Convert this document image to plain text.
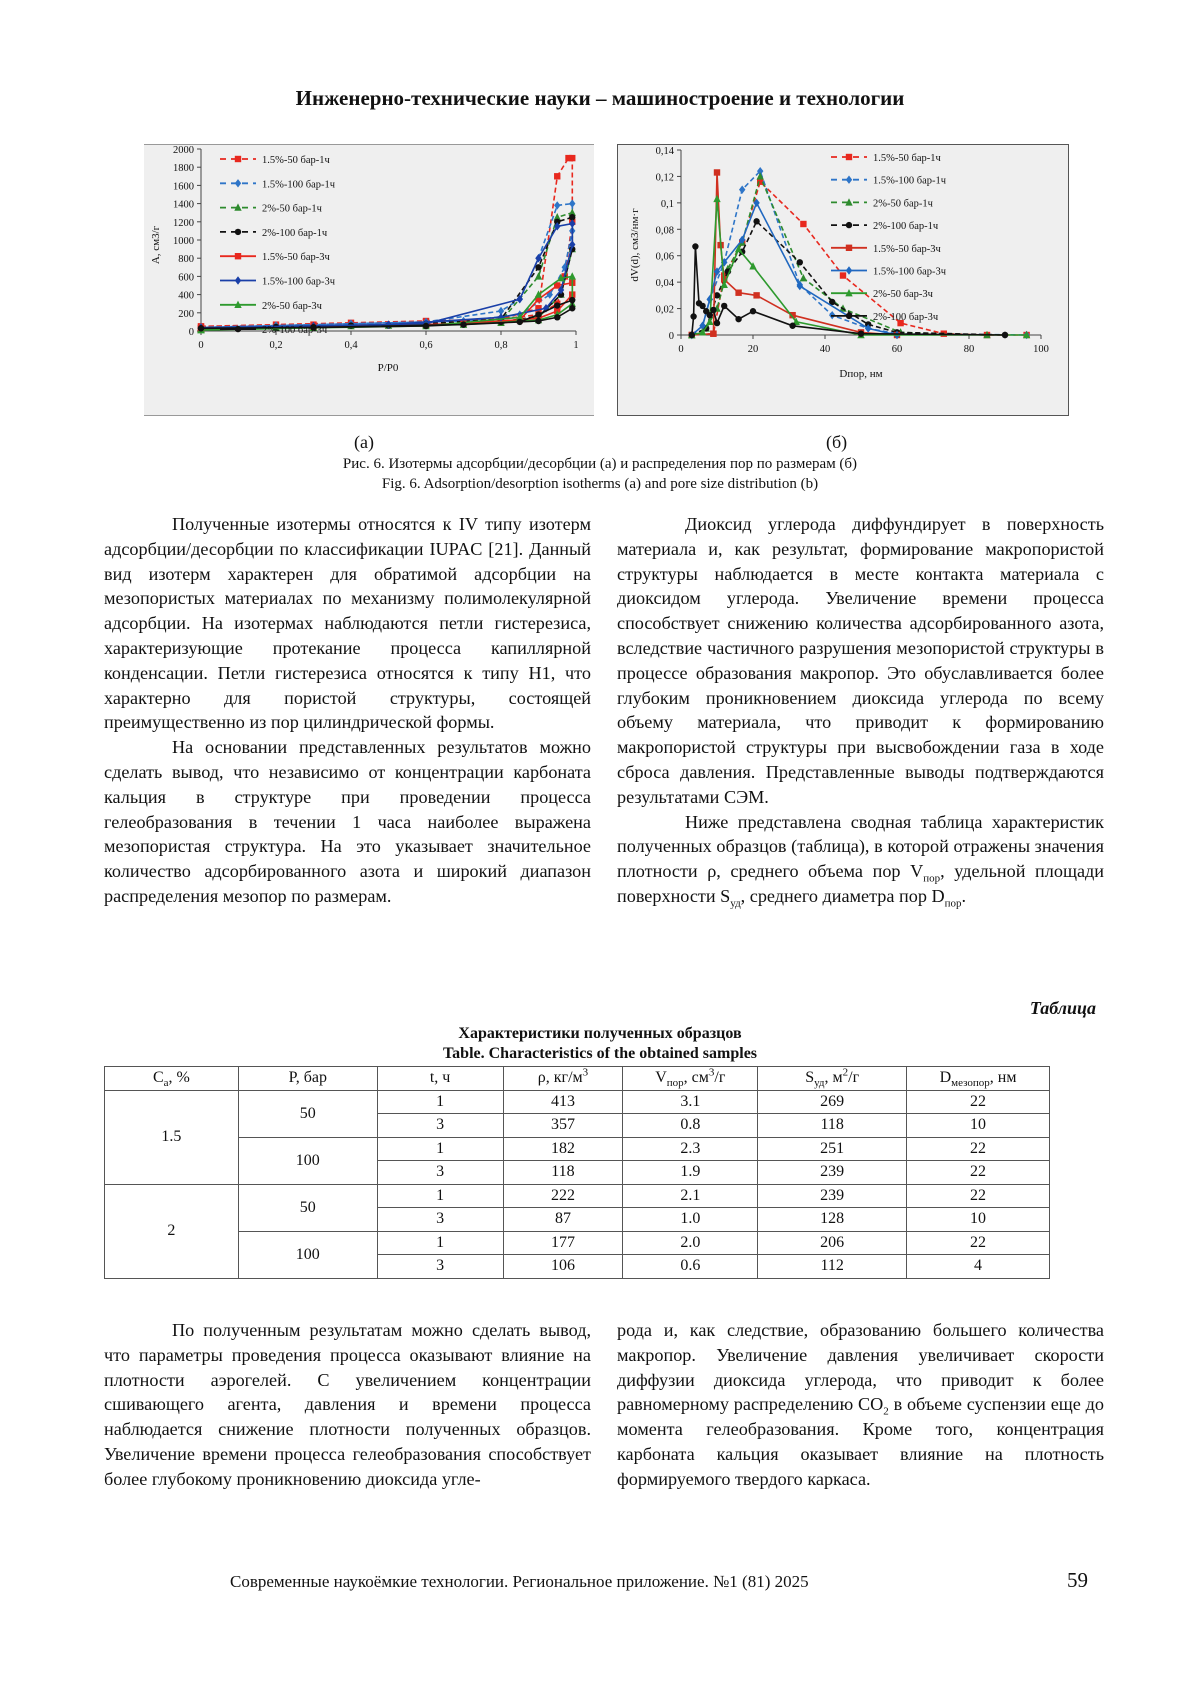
Инженерно-технические науки – машиностроение и технологии
0
200
400
600
800
1000
1200
1400
1600
1800
2000
0	0,2	0,4	0,6	0,8	1
1.5%-50 бар-1ч
1.5%-100 бар-1ч
2%-50 бар-1ч
2%-100 бар-1ч
1.5%-50 бар-3ч
1.5%-100 бар-3ч
2%-50 бар-3ч
2%-100 бар-3ч
A, см3/г
P/P0
0
0,02
0,04
0,06
0,08
0,1
0,12
0,14
0	20	40	60	80	100
1.5%-50 бар-1ч
1.5%-100 бар-1ч
2%-50 бар-1ч
2%-100 бар-1ч
1.5%-50 бар-3ч
1.5%-100 бар-3ч
2%-50 бар-3ч
2%-100 бар-3ч
dV(d), см3/нм·г
Dпор, нм
(а)	(б)
Рис. 6. Изотермы адсорбции/десорбции (а) и распределения пор по размерам (б)
Fig. 6. Adsorption/desorption isotherms (a) and pore size distribution (b)

Полученные изотермы относятся к IV типу изотерм адсорбции/десорбции по классификации IUPAC [21]. Данный вид изотерм характерен для обратимой адсорбции на мезопористых материалах по механизму полимолекулярной адсорбции. На изотермах наблюдаются петли гистерезиса, характеризующие протекание процесса капиллярной конденсации. Петли гистерезиса относятся к типу H1, что характерно для пористой структуры, состоящей преимущественно из пор цилиндрической формы.

На основании представленных результатов можно сделать вывод, что независимо от концентрации карбоната кальция в структуре при проведении процесса гелеобразования в течении 1 часа наиболее выражена мезопористая структура. На это указывает значительное количество адсорбированного азота и широкий диапазон распределения мезопор по размерам.

Диоксид углерода диффундирует в поверхность материала и, как результат, формирование макропористой структуры наблюдается в месте контакта материала с диоксидом углерода. Увеличение времени процесса способствует снижению количества адсорбированного азота, вследствие частичного разрушения мезопористой структуры в процессе образования макропор. Это обуславливается более глубоким проникновением диоксида углерода по всему объему материала, что приводит к формированию макропористой структуры при высвобождении газа в ходе сброса давления. Представленные выводы подтверждаются результатами СЭМ.

Ниже представлена сводная таблица характеристик полученных образцов (таблица), в которой отражены значения плотности ρ, среднего объема пор $V_{пор}$, удельной площади поверхности $S_{уд}$, среднего диаметра пор $D_{пор}$.

Таблица
Характеристики полученных образцов
Table. Characteristics of the obtained samples
$C_a$, %	P, бар	t, ч	ρ, $кг/м^3$	$V_{пор}$, $см^3/г$	$S_{уд}$, $м^2/г$	$D_{мезопор}$, нм
1.5	50	1	413	3.1	269	22
		3	357	0.8	118	10
	100	1	182	2.3	251	22
		3	118	1.9	239	22
2	50	1	222	2.1	239	22
		3	87	1.0	128	10
	100	1	177	2.0	206	22
		3	106	0.6	112	4

По полученным результатам можно сделать вывод, что параметры проведения процесса оказывают влияние на плотности аэрогелей. С увеличением концентрации сшивающего агента, давления и времени процесса наблюдается снижение плотности полученных образцов. Увеличение времени процесса гелеобразования способствует более глубокому проникновению диоксида угле-

рода и, как следствие, образованию большего количества макропор. Увеличение давления увеличивает скорости диффузии диоксида углерода, что приводит к более равномерному распределению $CO_2$ в объеме суспензии еще до момента гелеобразования. Кроме того, концентрация карбоната кальция оказывает влияние на плотность формируемого твердого каркаса.

Современные наукоёмкие технологии. Региональное приложение. №1 (81) 2025	59
